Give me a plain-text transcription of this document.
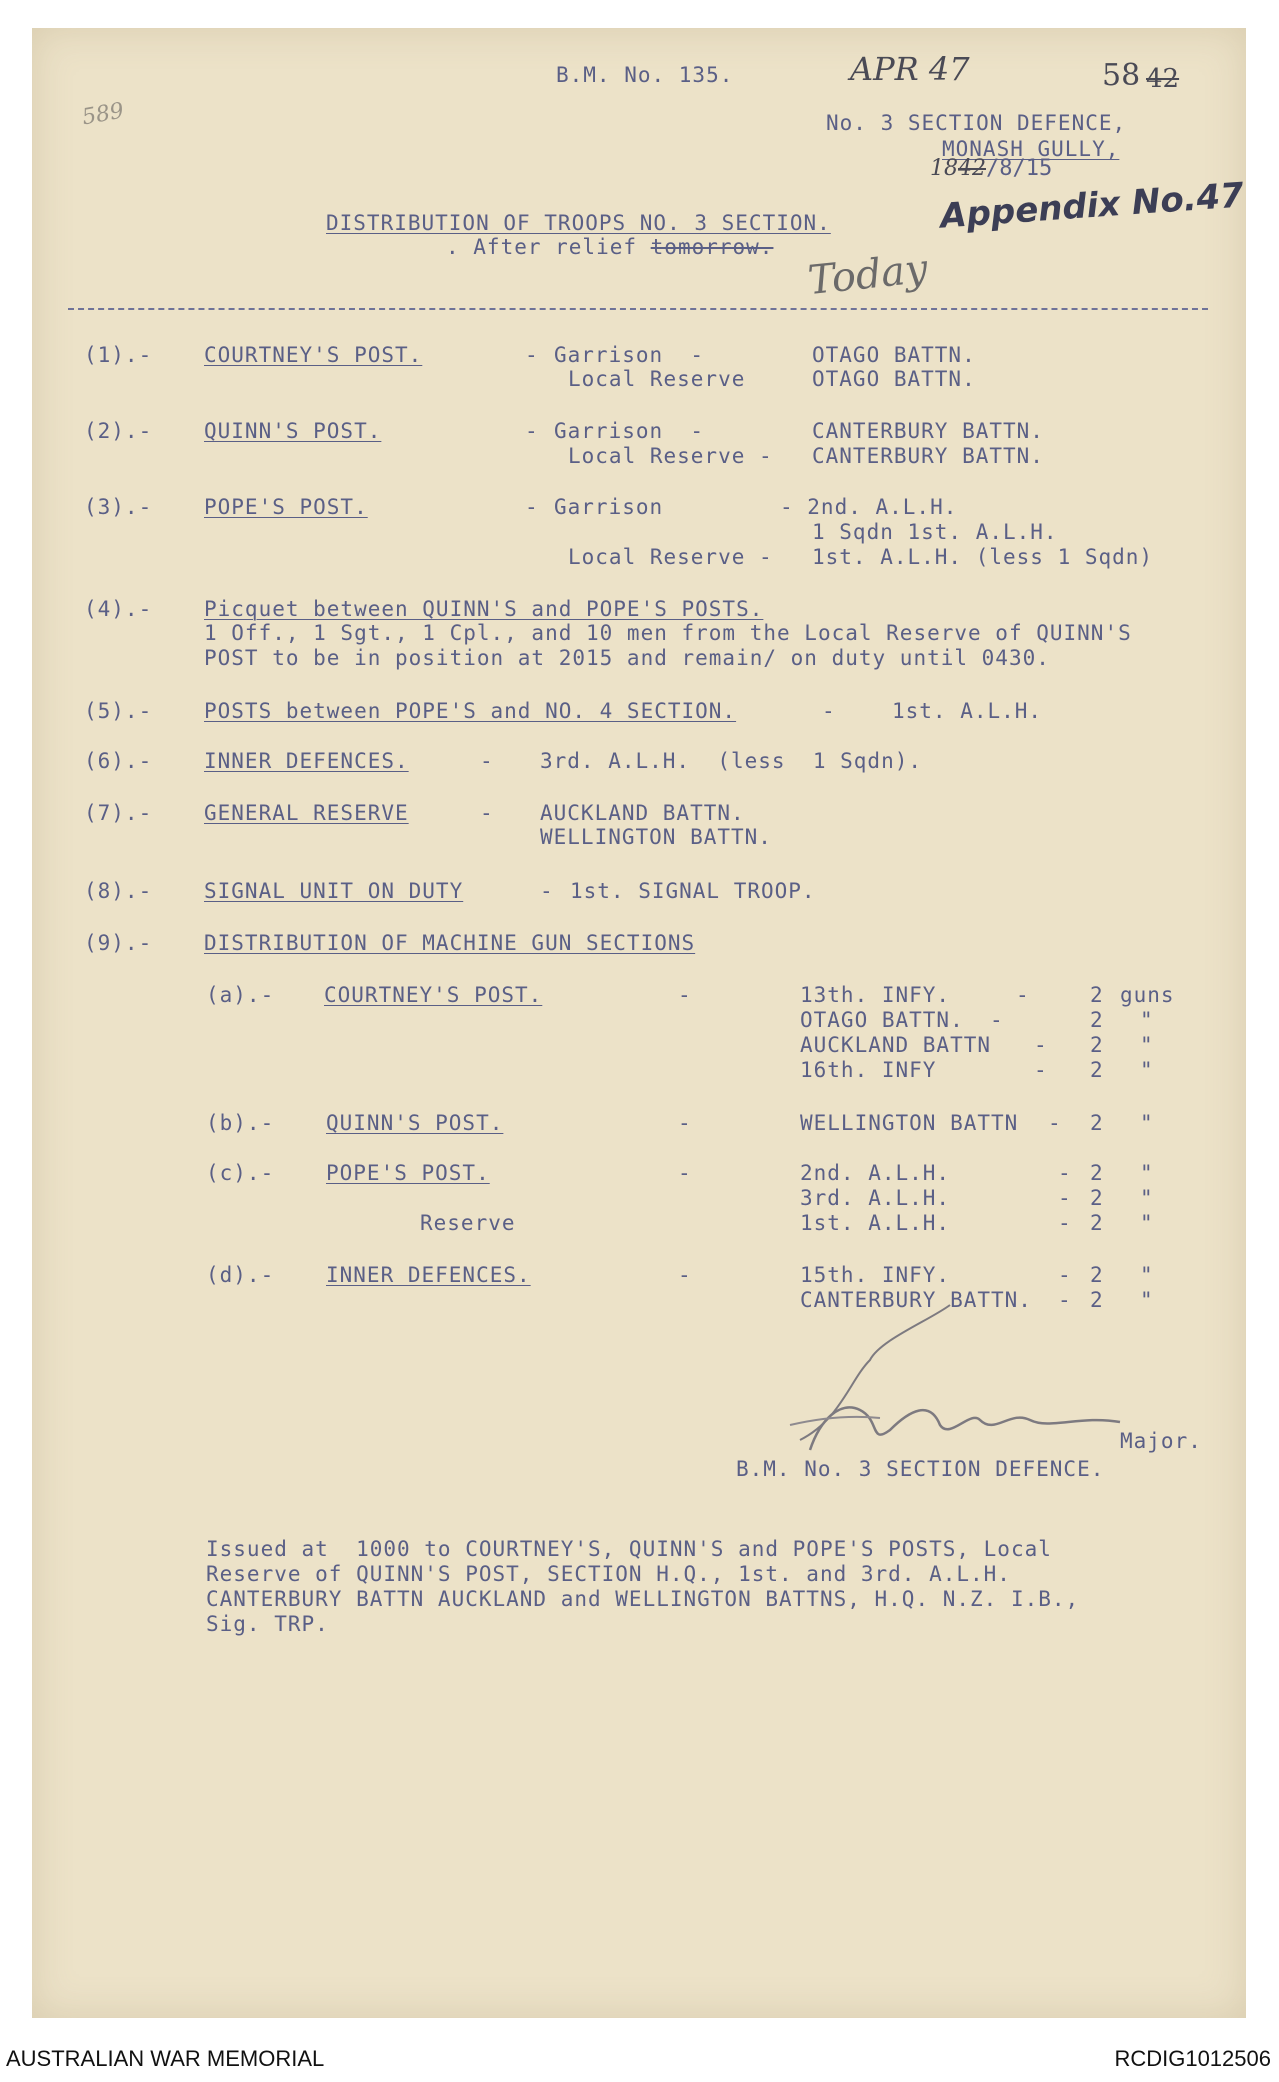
B.M. No. 135.	APR 47	58 42
589	No. 3 SECTION DEFENCE,
MONASH GULLY,
1842/8/15
Appendix No.47
DISTRIBUTION OF TROOPS NO. 3 SECTION.
. After relief tomorrow. Today
(1).- COURTNEY'S POST.	- Garrison  -	OTAGO BATTN.
Local Reserve	OTAGO BATTN.
(2).- QUINN'S POST.	- Garrison  -	CANTERBURY BATTN.
Local Reserve - CANTERBURY BATTN.
(3).- POPE'S POST.	- Garrison	- 2nd. A.L.H.
1 Sqdn 1st. A.L.H.
Local Reserve - 1st. A.L.H. (less 1 Sqdn)
(4).- Picquet between QUINN'S and POPE'S POSTS.
1 Off., 1 Sgt., 1 Cpl., and 10 men from the Local Reserve of QUINN'S
POST to be in position at 2015 and remain/ on duty until 0430.
(5).- POSTS between POPE'S and NO. 4 SECTION.	-	1st. A.L.H.
(6).- INNER DEFENCES.	- 3rd. A.L.H.  (less  1 Sqdn).
(7).- GENERAL RESERVE	- AUCKLAND BATTN.
WELLINGTON BATTN.
(8).- SIGNAL UNIT ON DUTY	- 1st. SIGNAL TROOP.
(9).- DISTRIBUTION OF MACHINE GUN SECTIONS
(a).- COURTNEY'S POST.	-	13th. INFY.	-	2 guns
OTAGO BATTN. -	2 "
AUCKLAND BATTN - 2 "
16th. INFY	- 2 "
(b).- QUINN'S POST.	-	WELLINGTON BATTN - 2 "
(c).- POPE'S POST.	-	2nd. A.L.H.	- 2 "
3rd. A.L.H.	- 2 "
Reserve	1st. A.L.H.	- 2 "
(d).- INNER DEFENCES.	-	15th. INFY.	- 2 "
CANTERBURY BATTN. - 2 "
Major.
B.M. No. 3 SECTION DEFENCE.
Issued at  1000 to COURTNEY'S, QUINN'S and POPE'S POSTS, Local
Reserve of QUINN'S POST, SECTION H.Q., 1st. and 3rd. A.L.H.
CANTERBURY BATTN AUCKLAND and WELLINGTON BATTNS, H.Q. N.Z. I.B.,
Sig. TRP.
AUSTRALIAN WAR MEMORIAL	RCDIG1012506
